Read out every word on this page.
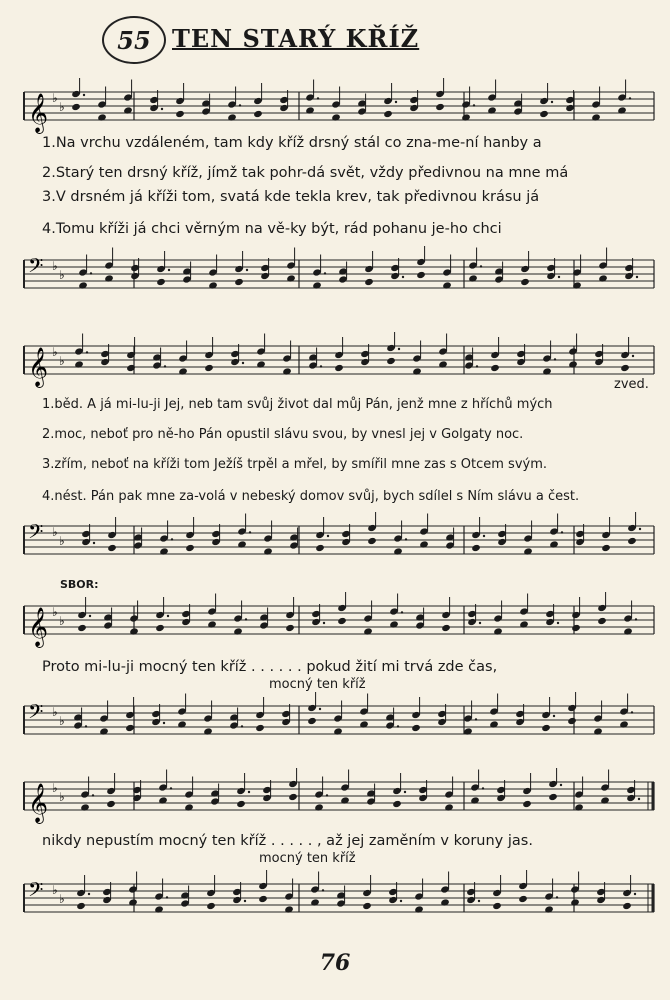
55 TEN STARÝ KŘÍŽ
𝄞 ♭
♭
1.Na vrchu vzdáleném, tam kdy kříž drsný stál co zna-me-ní hanby a
2.Starý ten drsný kříž, jímž tak pohr-dá svět, vždy předivnou na mne má
3.V drsném já kříži tom, svatá kde tekla krev, tak předivnou krásu já
4.Tomu kříži já chci věrným na vě-ky být, rád pohanu je-ho chci
𝄢 ♭
♭
𝄞 ♭
♭
zved.
1.běd. A já mi-lu-ji Jej, neb tam svůj život dal můj Pán, jenž mne z hříchů mých
2.moc, neboť pro ně-ho Pán opustil slávu svou, by vnesl jej v Golgaty noc.
3.zřím, neboť na kříži tom Ježíš trpěl a mřel, by smířil mne zas s Otcem svým.
4.nést. Pán pak mne za-volá v nebeský domov svůj, bych sdílel s Ním slávu a čest.
𝄢 ♭
♭
SBOR:
𝄞 ♭
♭
Proto mi-lu-ji mocný ten kříž . . . . . . pokud žití mi trvá zde čas,
mocný ten kříž
𝄢 ♭
♭
𝄞 ♭
♭
nikdy nepustím mocný ten kříž . . . . . , až jej zaměním v koruny jas.
mocný ten kříž
𝄢 ♭
♭
76
